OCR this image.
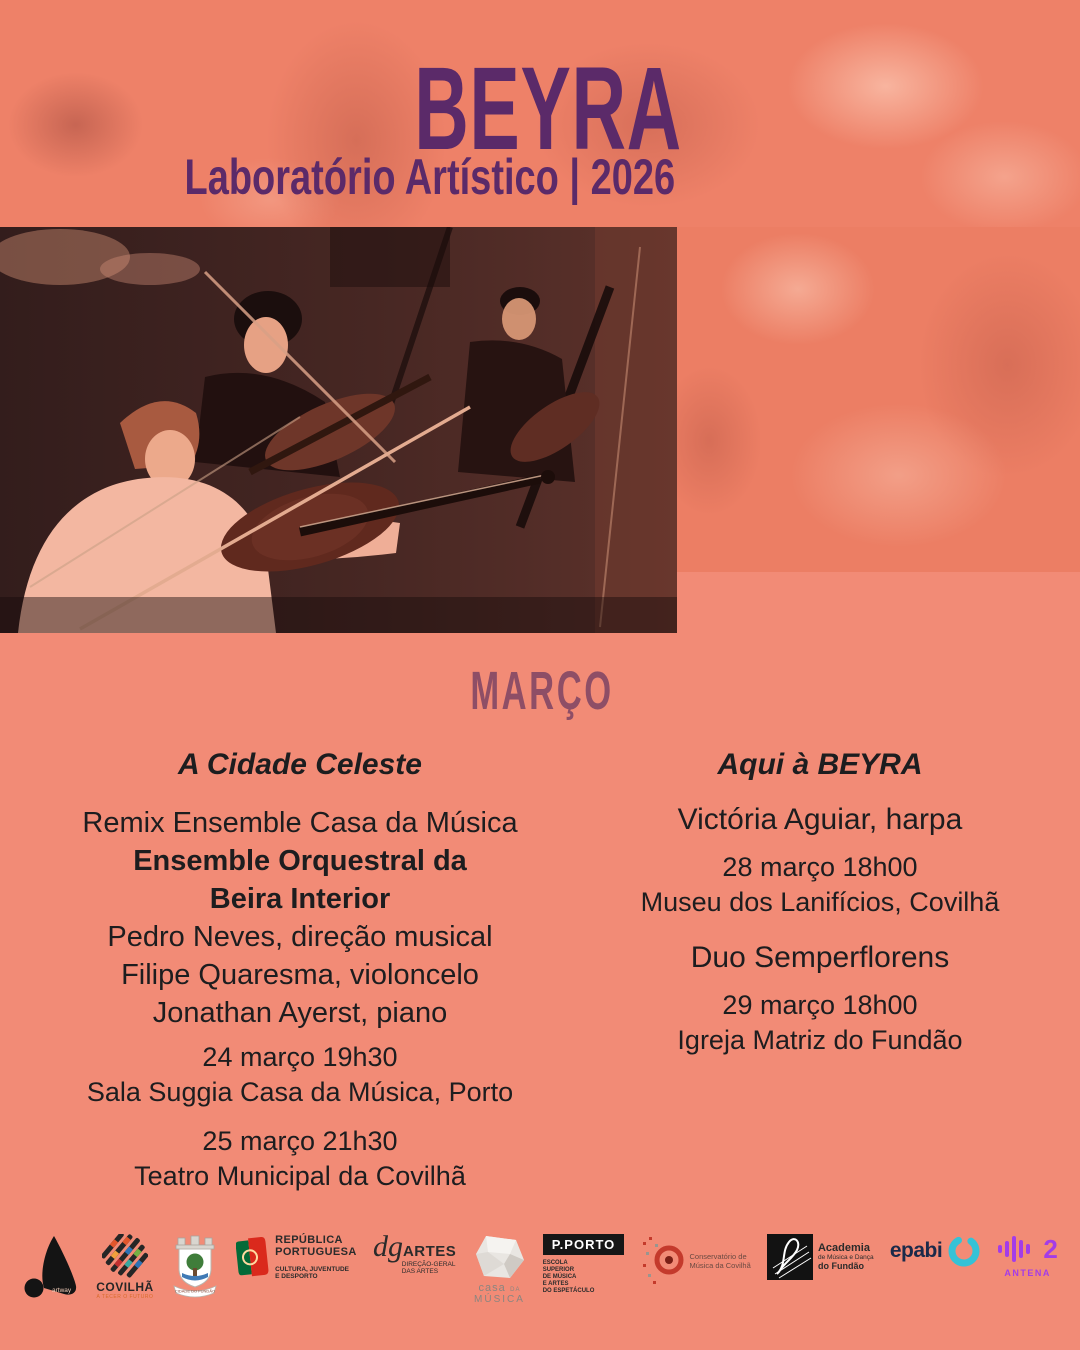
BEYRA
Laboratório Artístico | 2026
MARÇO
A Cidade Celeste
Remix Ensemble Casa da Música
Ensemble Orquestral da
Beira Interior
Pedro Neves, direção musical
Filipe Quaresma, violoncelo
Jonathan Ayerst, piano
24 março 19h30
Sala Suggia Casa da Música, Porto
25 março 21h30
Teatro Municipal da Covilhã
Aqui à BEYRA
Victória Aguiar, harpa
28 março 18h00
Museu dos Lanifícios, Covilhã
Duo Semperflorens
29 março 18h00
Igreja Matriz do Fundão
artway COVILHÃ
A TECER O FUTURO
CIDADE DO FUNDÃO
REPÚBLICA
PORTUGUESA
CULTURA, JUVENTUDE
E DESPORTO
dg ARTES
DIREÇÃO-GERAL
DAS ARTES
casa DA
MÚSICA
P.PORTO
ESCOLA
SUPERIOR
DE MÚSICA
E ARTES
DO ESPETÁCULO
Conservatório de
Música da Covilhã
Academia
de Música e Dança
do Fundão
epabi	2
ANTENA
